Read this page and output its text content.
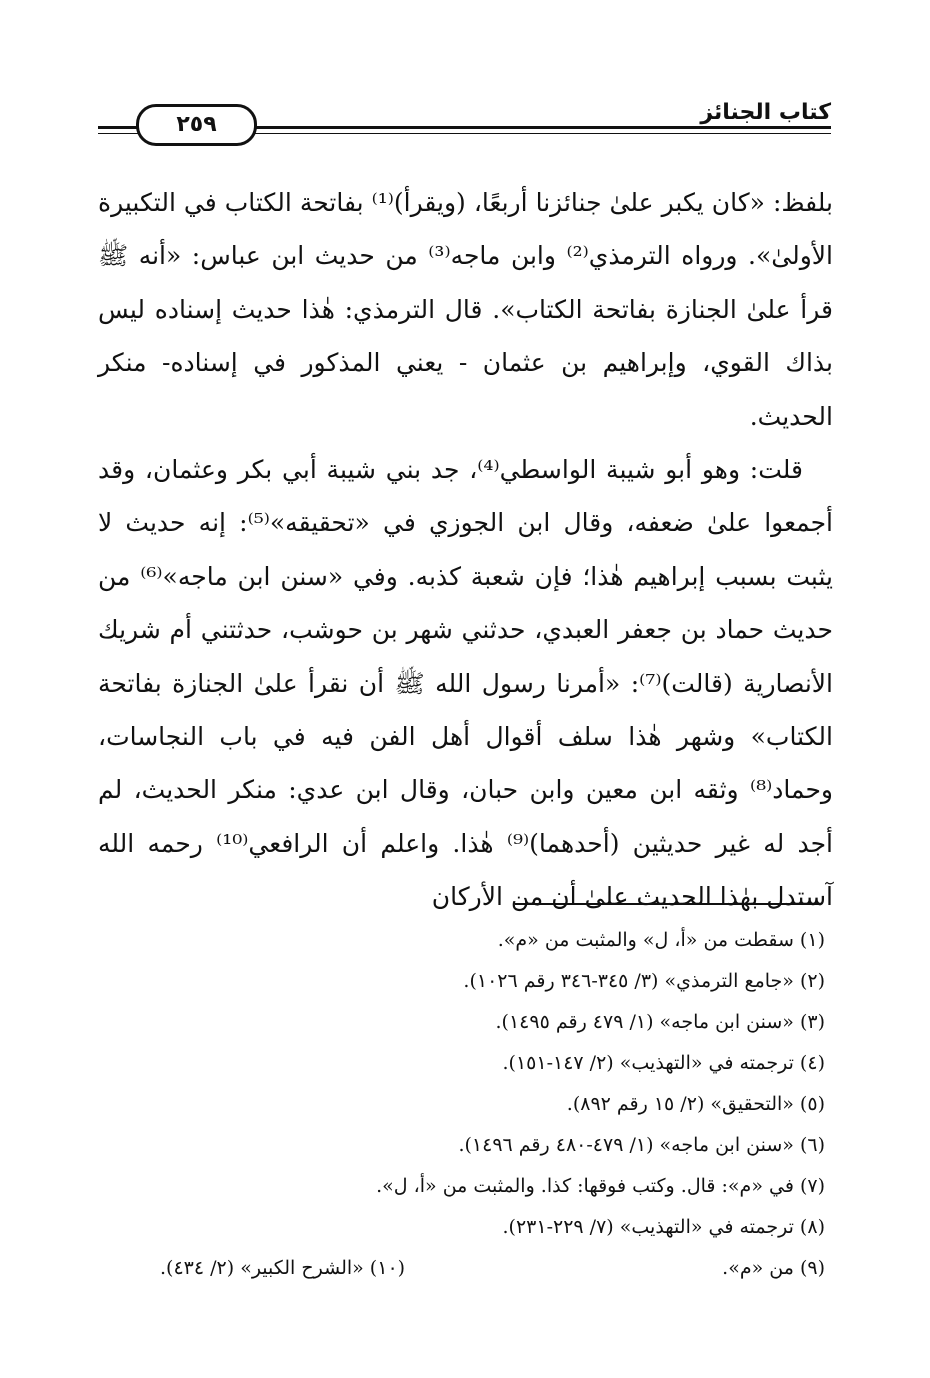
كتاب الجنائز
٢٥٩

بلفظ: «كان يكبر علىٰ جنائزنا أربعًا، (ويقرأ)⁽¹⁾ بفاتحة الكتاب في التكبيرة الأولىٰ». ورواه الترمذي⁽²⁾ وابن ماجه⁽³⁾ من حديث ابن عباس: «أنه ﷺ قرأ علىٰ الجنازة بفاتحة الكتاب». قال الترمذي: هٰذا حديث إسناده ليس بذاك القوي، وإبراهيم بن عثمان - يعني المذكور في إسناده- منكر الحديث.

قلت: وهو أبو شيبة الواسطي⁽⁴⁾، جد بني شيبة أبي بكر وعثمان، وقد أجمعوا علىٰ ضعفه، وقال ابن الجوزي في «تحقيقه»⁽⁵⁾: إنه حديث لا يثبت بسبب إبراهيم هٰذا؛ فإن شعبة كذبه. وفي «سنن ابن ماجه»⁽⁶⁾ من حديث حماد بن جعفر العبدي، حدثني شهر بن حوشب، حدثتني أم شريك الأنصارية (قالت)⁽⁷⁾: «أمرنا رسول الله ﷺ أن نقرأ علىٰ الجنازة بفاتحة الكتاب» وشهر هٰذا سلف أقوال أهل الفن فيه في باب النجاسات، وحماد⁽⁸⁾ وثقه ابن معين وابن حبان، وقال ابن عدي: منكر الحديث، لم أجد له غير حديثين (أحدهما)⁽⁹⁾ هٰذا. واعلم أن الرافعي⁽¹⁰⁾ رحمه الله آستدل بهٰذا الحديث علىٰ أن من الأركان

(١) سقطت من «أ، ل» والمثبت من «م».
(٢) «جامع الترمذي» (٣/ ٣٤٥-٣٤٦ رقم ١٠٢٦).
(٣) «سنن ابن ماجه» (١/ ٤٧٩ رقم ١٤٩٥).
(٤) ترجمته في «التهذيب» (٢/ ١٤٧-١٥١).
(٥) «التحقيق» (٢/ ١٥ رقم ٨٩٢).
(٦) «سنن ابن ماجه» (١/ ٤٧٩-٤٨٠ رقم ١٤٩٦).
(٧) في «م»: قال. وكتب فوقها: كذا. والمثبت من «أ، ل».
(٨) ترجمته في «التهذيب» (٧/ ٢٢٩-٢٣١).
(٩) من «م».
(١٠) «الشرح الكبير» (٢/ ٤٣٤).
